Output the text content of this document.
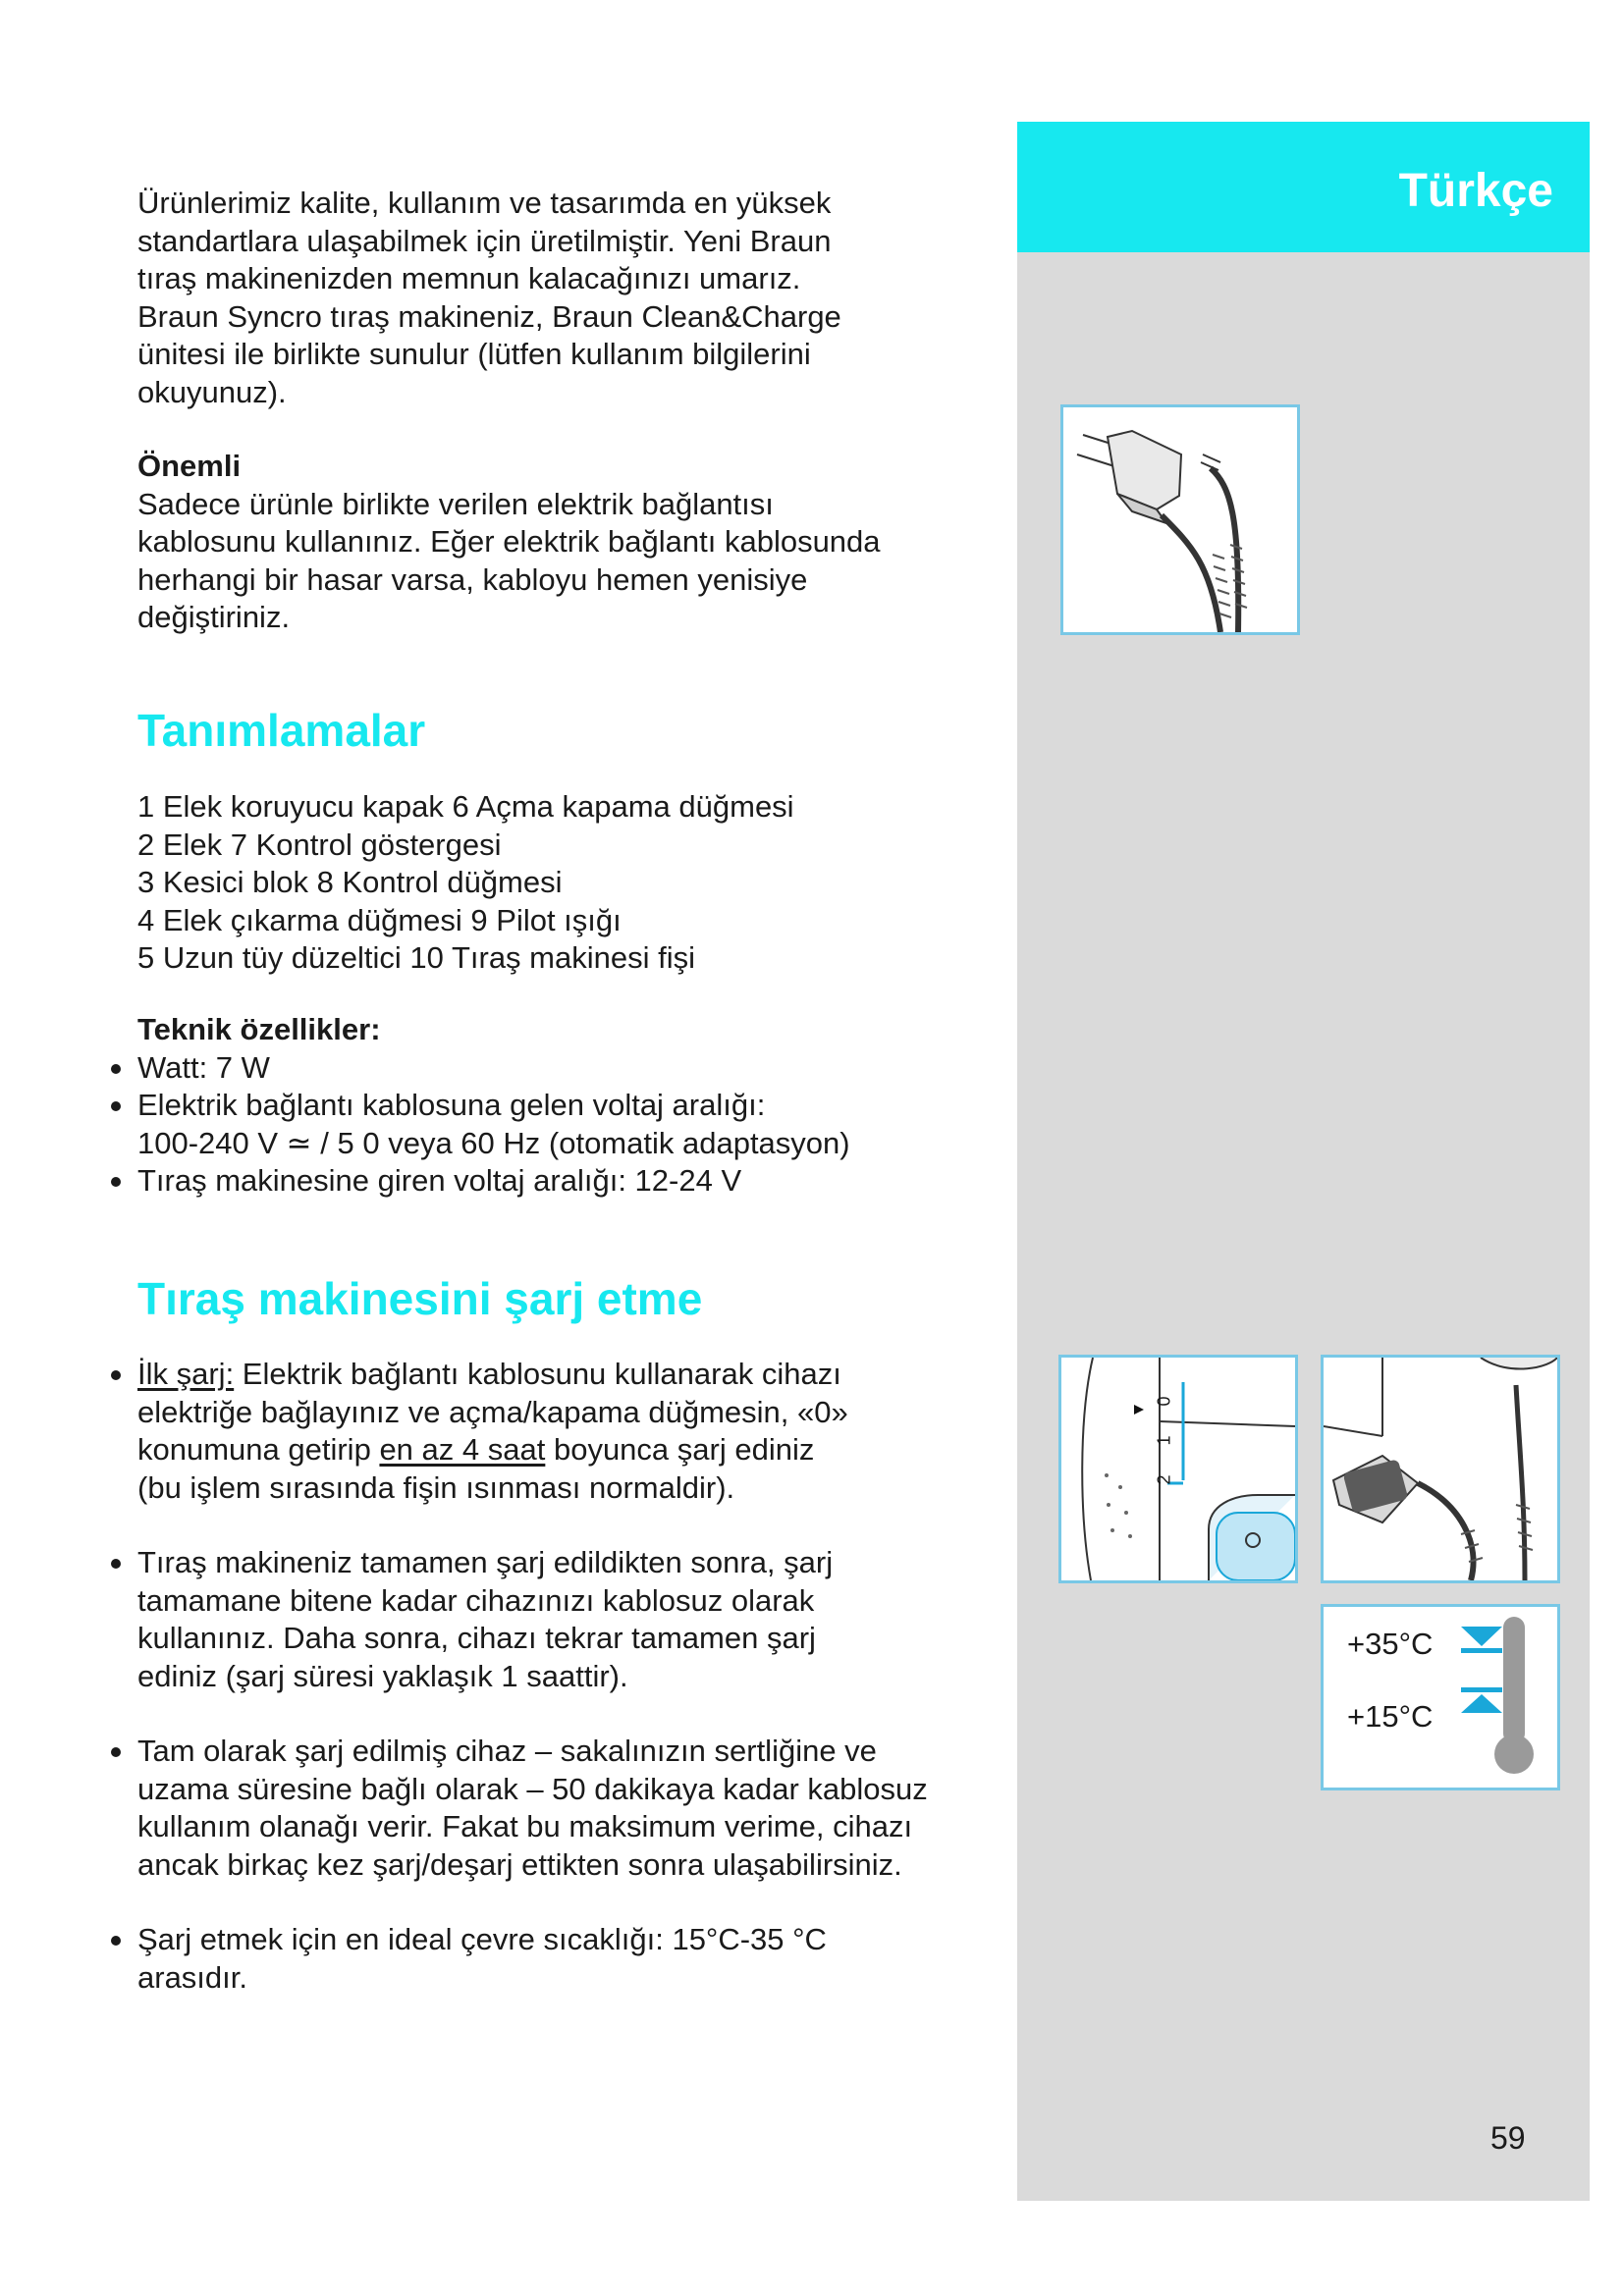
Türkçe
2
1
0
+35°C
+15°C
59

Ürünlerimiz kalite, kullanım ve tasarımda en yüksek

standartlara ulaşabilmek için üretilmiştir. Yeni Braun

tıraş makinenizden memnun kalacağınızı umarız.

Braun Syncro tıraş makineniz, Braun Clean&Charge

ünitesi ile birlikte sunulur (lütfen kullanım bilgilerini

okuyunuz).

Önemli

Sadece ürünle birlikte verilen elektrik bağlantısı

kablosunu kullanınız. Eğer elektrik bağlantı kablosunda

herhangi bir hasar varsa, kabloyu hemen yenisiye

değiştiriniz.

Tanımlamalar

1 Elek koruyucu kapak 6 Açma kapama düğmesi

2 Elek 7 Kontrol göstergesi

3 Kesici blok 8 Kontrol düğmesi

4 Elek çıkarma düğmesi 9 Pilot ışığı

5 Uzun tüy düzeltici 10 Tıraş makinesi fişi

Teknik özellikler:

Watt: 7 W

Elektrik bağlantı kablosuna gelen voltaj aralığı:

100-240 V ≃ / 5 0 veya 60 Hz (otomatik adaptasyon)

Tıraş makinesine giren voltaj aralığı: 12-24 V

Tıraş makinesini şarj etme

İlk şarj: Elektrik bağlantı kablosunu kullanarak cihazı

elektriğe bağlayınız ve açma/kapama düğmesin, «0»

konumuna getirip en az 4 saat boyunca şarj ediniz

(bu işlem sırasında fişin ısınması normaldir).

Tıraş makineniz tamamen şarj edildikten sonra, şarj

tamamane bitene kadar cihazınızı kablosuz olarak

kullanınız. Daha sonra, cihazı tekrar tamamen şarj

ediniz (şarj süresi yaklaşık 1 saattir).

Tam olarak şarj edilmiş cihaz – sakalınızın sertliğine ve

uzama süresine bağlı olarak – 50 dakikaya kadar kablosuz

kullanım olanağı verir. Fakat bu maksimum verime, cihazı

ancak birkaç kez şarj/deşarj ettikten sonra ulaşabilirsiniz.

Şarj etmek için en ideal çevre sıcaklığı: 15°C-35 °C

arasıdır.
